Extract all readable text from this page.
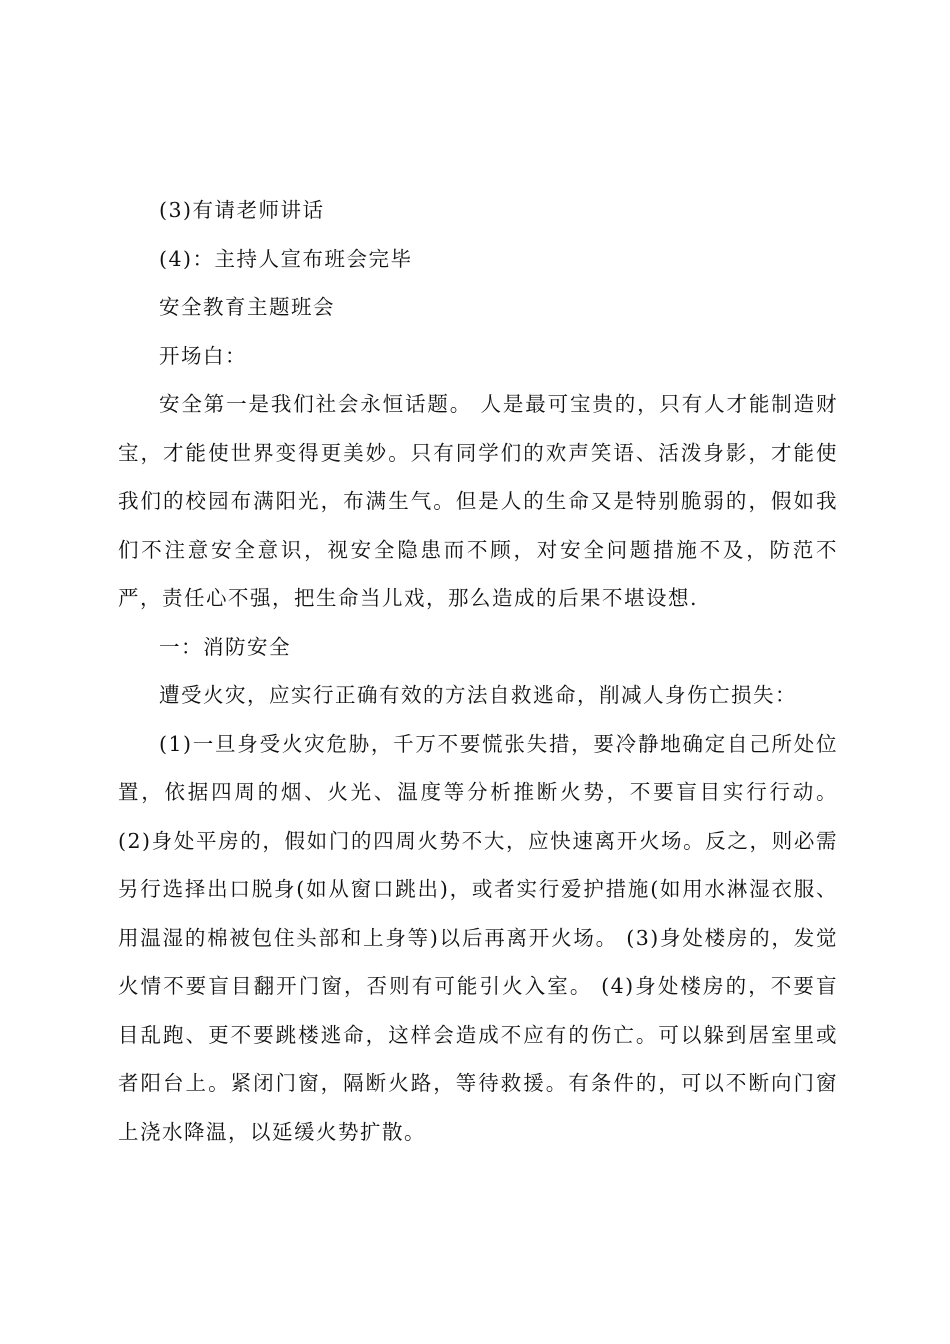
(3)有请老师讲话

(4)：主持人宣布班会完毕

安全教育主题班会

开场白：

安全第一是我们社会永恒话题。 人是最可宝贵的，只有人才能制造财宝，才能使世界变得更美妙。只有同学们的欢声笑语、活泼身影，才能使我们的校园布满阳光，布满生气。但是人的生命又是特别脆弱的，假如我们不注意安全意识，视安全隐患而不顾，对安全问题措施不及，防范不严，责任心不强，把生命当儿戏，那么造成的后果不堪设想.

一：消防安全

遭受火灾，应实行正确有效的方法自救逃命，削减人身伤亡损失：

(1)一旦身受火灾危胁，千万不要慌张失措，要冷静地确定自己所处位置，依据四周的烟、火光、温度等分析推断火势，不要盲目实行行动。 (2)身处平房的，假如门的四周火势不大，应快速离开火场。反之，则必需另行选择出口脱身(如从窗口跳出)，或者实行爱护措施(如用水淋湿衣服、用温湿的棉被包住头部和上身等)以后再离开火场。 (3)身处楼房的，发觉火情不要盲目翻开门窗，否则有可能引火入室。 (4)身处楼房的，不要盲目乱跑、更不要跳楼逃命，这样会造成不应有的伤亡。可以躲到居室里或者阳台上。紧闭门窗，隔断火路，等待救援。有条件的，可以不断向门窗上浇水降温，以延缓火势扩散。
